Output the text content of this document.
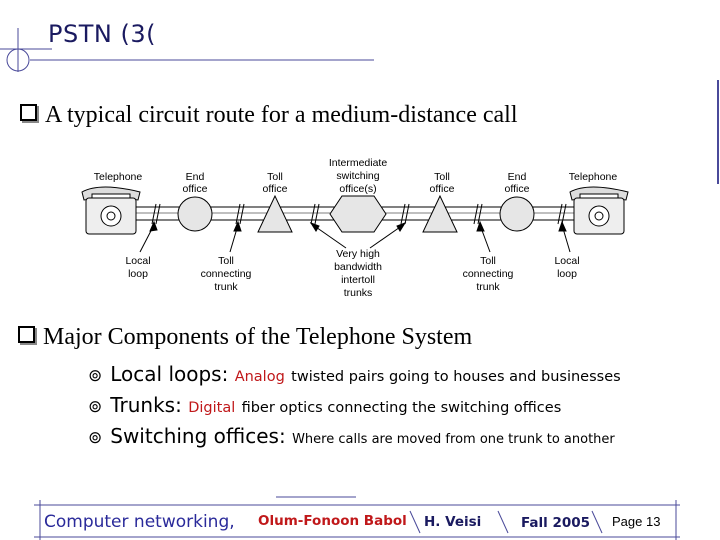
PSTN (3(
A typical circuit route for a medium-distance call
Telephone	End
office
Toll
office
Intermediate
switching
office(s)
Toll
office
End
office
Telephone
Local
loop
Toll
connecting
trunk
Very high
bandwidth
intertoll
trunks
Toll
connecting
trunk
Local
loop
Major Components of the Telephone System
⊚ Local loops: Analog twisted pairs going to houses and businesses
⊚ Trunks: Digital fiber optics connecting the switching offices
⊚ Switching offices: Where calls are moved from one trunk to another
Computer networking, Olum-Fonoon Babol H. Veisi	Fall 2005 Page 13
